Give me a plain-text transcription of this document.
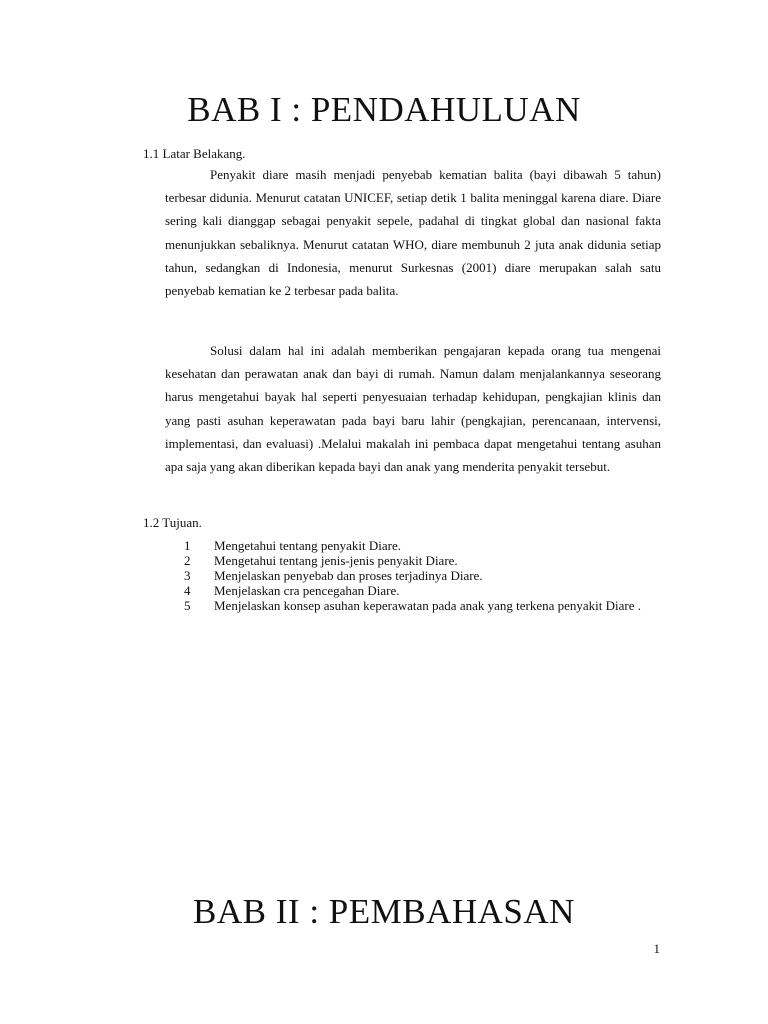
BAB I : PENDAHULUAN

1.1 Latar Belakang.

Penyakit diare masih menjadi penyebab kematian balita (bayi dibawah 5 tahun) terbesar didunia. Menurut catatan UNICEF, setiap detik 1 balita meninggal karena diare. Diare sering kali dianggap sebagai penyakit sepele, padahal di tingkat global dan nasional fakta menunjukkan sebaliknya. Menurut catatan WHO, diare membunuh 2 juta anak didunia setiap tahun, sedangkan di Indonesia, menurut Surkesnas (2001) diare merupakan salah satu penyebab kematian ke 2 terbesar pada balita.

Solusi dalam hal ini adalah memberikan pengajaran kepada orang tua mengenai kesehatan dan perawatan anak dan bayi di rumah. Namun dalam menjalankannya seseorang harus mengetahui bayak hal seperti penyesuaian terhadap kehidupan, pengkajian klinis dan yang pasti asuhan keperawatan pada bayi baru lahir (pengkajian, perencanaan, intervensi, implementasi, dan evaluasi) .Melalui makalah ini pembaca dapat mengetahui tentang asuhan apa saja yang akan diberikan kepada bayi dan anak yang menderita penyakit tersebut.

1.2 Tujuan.

1	Mengetahui tentang penyakit Diare.
2	Mengetahui tentang jenis-jenis penyakit Diare.
3	Menjelaskan penyebab dan proses terjadinya Diare.
4	Menjelaskan cra pencegahan Diare.
5	Menjelaskan konsep asuhan keperawatan pada anak yang terkena penyakit Diare .
BAB II : PEMBAHASAN
1
